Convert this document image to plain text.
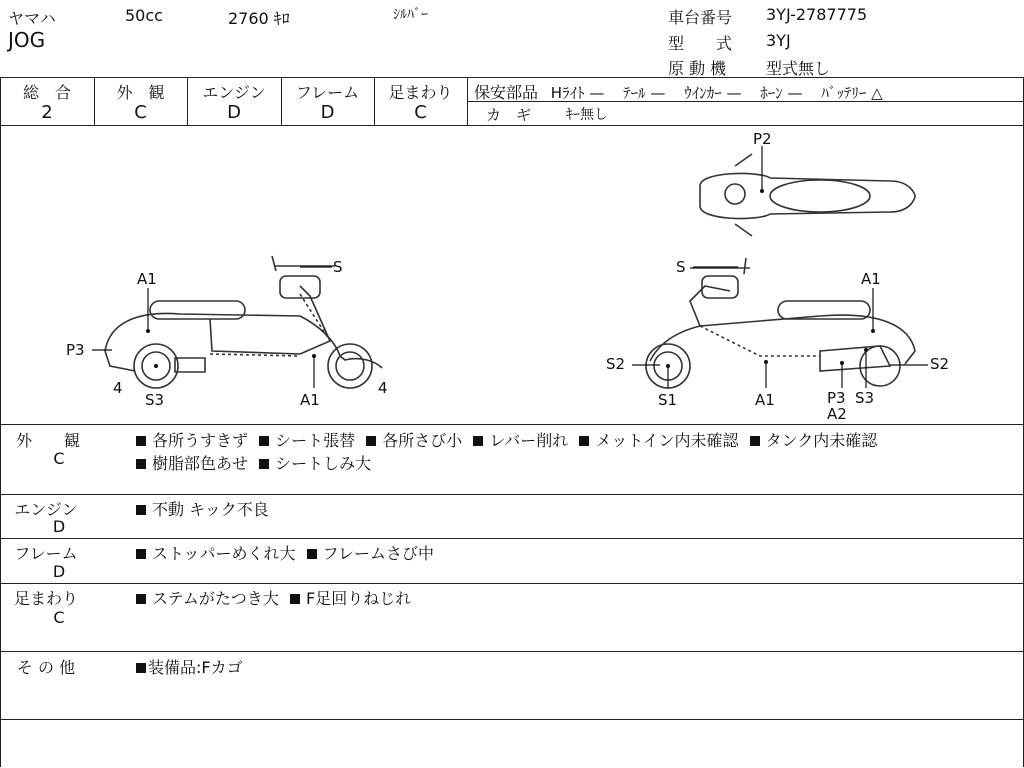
ヤマハ
JOG
50cc	2760 ｷﾛ	ｼﾙﾊﾞｰ	車台番号 3YJ-2787775
型　　式 3YJ
原 動 機 型式無し
総　合
2
外　観
C
エンジン
D
フレーム
D
足まわり
C
保安部品 Hﾗｲﾄ — ﾃｰﾙ — ｳｲﾝｶｰ — ﾎｰﾝ — ﾊﾞｯﾃﾘｰ △
カ　ギ ｷｰ無し
A1
S
P3
4	4
S3	A1
P2
S
A1
S2	S2
S1	A1	P3
A2
S3
外　　観
C
各所うすきず シート張替 各所さび小 レバー削れ メットイン内未確認 タンク内未確認
樹脂部色あせ シートしみ大
エンジン
D
不動 キック不良
フレーム
D
ストッパーめくれ大 フレームさび中
足まわり
C
ステムがたつき大 F足回りねじれ
そ の 他	装備品:Fカゴ
